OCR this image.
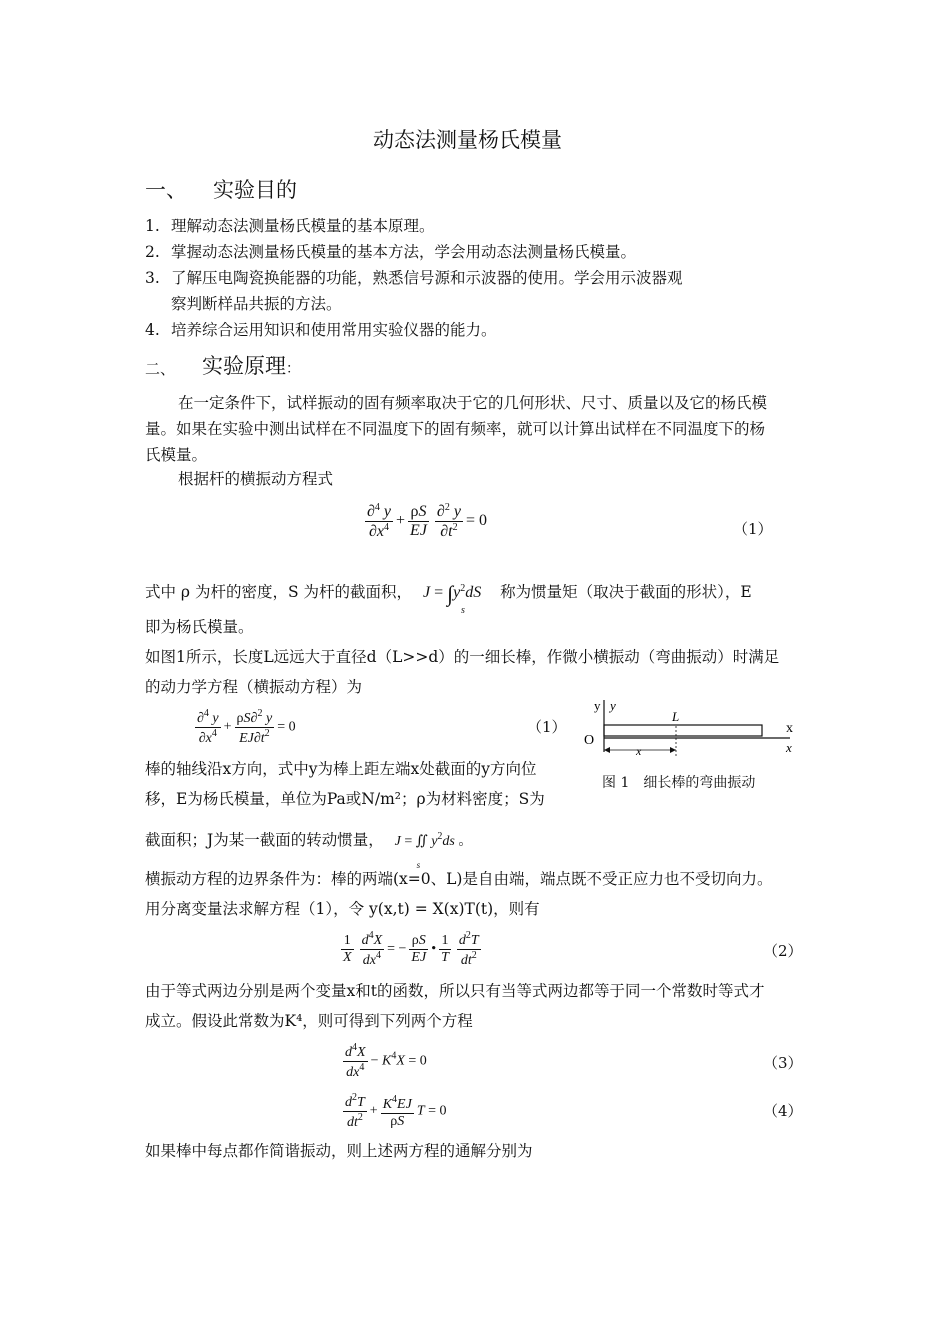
动态法测量杨氏模量
一、 实验目的
1. 理解动态法测量杨氏模量的基本原理。
2. 掌握动态法测量杨氏模量的基本方法，学会用动态法测量杨氏模量。
3. 了解压电陶瓷换能器的功能，熟悉信号源和示波器的使用。学会用示波器观
察判断样品共振的方法。
4. 培养综合运用知识和使用常用实验仪器的能力。
二、 实验原理：
在一定条件下，试样振动的固有频率取决于它的几何形状、尺寸、质量以及它的杨氏模
量。如果在实验中测出试样在不同温度下的固有频率，就可以计算出试样在不同温度下的杨
氏模量。
根据杆的横振动方程式
$\frac{\partial^4 y}{\partial x^4} + \frac{\rho S}{EJ} \frac{\partial^2 y}{\partial t^2} = 0$	（1）
式中 ρ 为杆的密度，S 为杆的截面积， $J = \int y^2dS$
s
称为惯量矩（取决于截面的形状），E
即为杨氏模量。
如图1所示，长度L远远大于直径d（L>>d）的一细长棒，作微小横振动（弯曲振动）时满足
的动力学方程（横振动方程）为
$\frac{\partial^4 y}{\partial x^4} + \frac{\rho S\partial^2 y}{EJ\partial t^2} = 0$	（1）
y y
O
L
x
x
x
图 1　细长棒的弯曲振动
棒的轴线沿x方向，式中y为棒上距左端x处截面的y方向位
移，E为杨氏模量，单位为Pa或N/m²；ρ为材料密度；S为
截面积；J为某一截面的转动惯量， J = ∬ $y^2ds$ 。
s
横振动方程的边界条件为：棒的两端(x=0、L)是自由端，端点既不受正应力也不受切向力。
用分离变量法求解方程（1），令 y(x,t) = X(x)T(t)，则有
$\frac{1}{X} \frac{d^4X}{dx^4}$ = − $\frac{\rho S}{EJ}$ • $\frac{1}{T} \frac{d^2T}{dt^2}$	（2）
由于等式两边分别是两个变量x和t的函数，所以只有当等式两边都等于同一个常数时等式才
成立。假设此常数为K⁴，则可得到下列两个方程
$\frac{d^4X}{dx^4} - K^4X = 0$	（3）
$\frac{d^2T}{dt^2} + \frac{K^4EJ}{\rho S}$ T = 0	（4）
如果棒中每点都作简谐振动，则上述两方程的通解分别为
